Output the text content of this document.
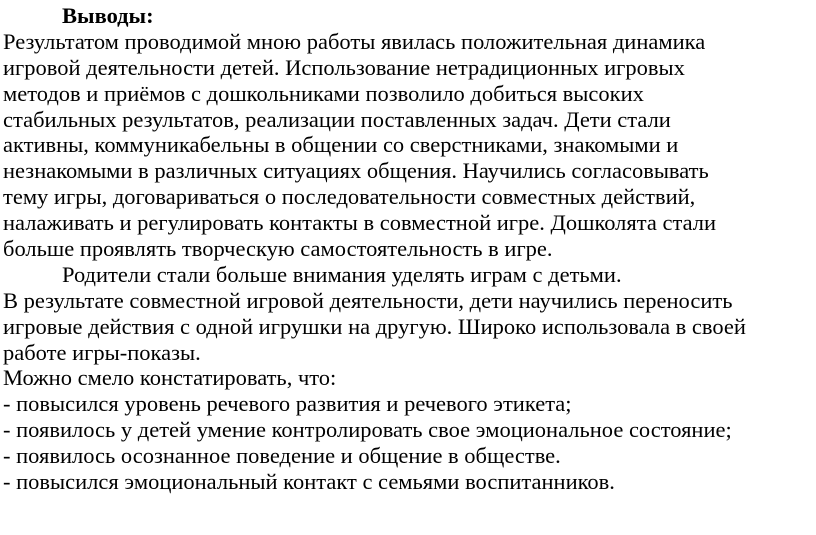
Выводы:
Результатом проводимой мною работы явилась положительная динамика
игровой деятельности детей. Использование нетрадиционных игровых
методов и приёмов с дошкольниками позволило добиться высоких
стабильных результатов, реализации поставленных задач. Дети стали
активны, коммуникабельны в общении со сверстниками, знакомыми и
незнакомыми в различных ситуациях общения. Научились согласовывать
тему игры, договариваться о последовательности совместных действий,
налаживать и регулировать контакты в совместной игре. Дошколята стали
больше проявлять творческую самостоятельность в игре.
Родители стали больше внимания уделять играм с детьми.
В результате совместной игровой деятельности, дети научились переносить
игровые действия с одной игрушки на другую. Широко использовала в своей
работе игры-показы.
Можно смело констатировать, что:
- повысился уровень речевого развития и речевого этикета;
- появилось у детей умение контролировать свое эмоциональное состояние;
- появилось осознанное поведение и общение в обществе.
- повысился эмоциональный контакт с семьями воспитанников.
